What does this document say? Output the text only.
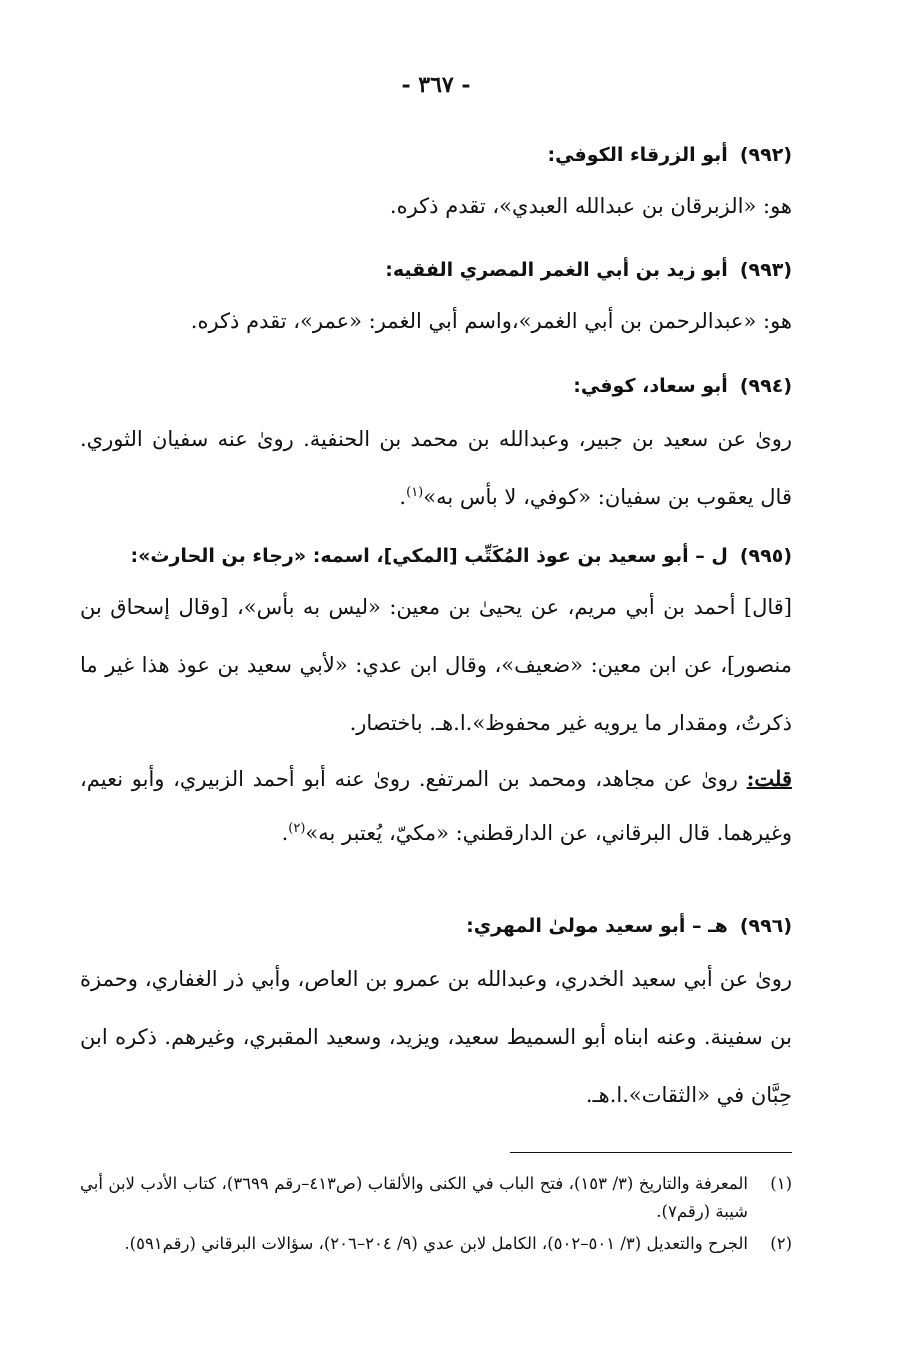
- ٣٦٧ -
(٩٩٢)أبو الزرقاء الكوفي:
هو: «الزبرقان بن عبدالله العبدي»، تقدم ذكره.
(٩٩٣)أبو زيد بن أبي الغمر المصري الفقيه:
هو: «عبدالرحمن بن أبي الغمر»،واسم أبي الغمر: «عمر»، تقدم ذكره.
(٩٩٤)أبو سعاد، كوفي:
روىٰ عن سعيد بن جبير، وعبدالله بن محمد بن الحنفية. روىٰ عنه سفيان الثوري. قال يعقوب بن سفيان: «كوفي، لا بأس به»$^{(١)}$.
(٩٩٥)ل – أبو سعيد بن عوذ المُكَتِّب [المكي]، اسمه: «رجاء بن الحارث»:
[قال] أحمد بن أبي مريم، عن يحيىٰ بن معين: «ليس به بأس»، [وقال إسحاق بن منصور]، عن ابن معين: «ضعيف»، وقال ابن عدي: «لأبي سعيد بن عوذ هذا غير ما ذكرتُ، ومقدار ما يرويه غير محفوظ».ا.هـ. باختصار.
قلت: روىٰ عن مجاهد، ومحمد بن المرتفع. روىٰ عنه أبو أحمد الزبيري، وأبو نعيم، وغيرهما. قال البرقاني، عن الدارقطني: «مكيّ، يُعتبر به»$^{(٢)}$.
(٩٩٦)هـ – أبو سعيد مولىٰ المهري:
روىٰ عن أبي سعيد الخدري، وعبدالله بن عمرو بن العاص، وأبي ذر الغفاري، وحمزة بن سفينة. وعنه ابناه أبو السميط سعيد، ويزيد، وسعيد المقبري، وغيرهم. ذكره ابن حِبَّان في «الثقات».ا.هـ.
(١)
المعرفة والتاريخ (٣/ ١٥٣)، فتح الباب في الكنى والألقاب (ص٤١٣–رقم ٣٦٩٩)، كتاب الأدب لابن أبي شيبة (رقم٧).
(٢)
الجرح والتعديل (٣/ ٥٠١–٥٠٢)، الكامل لابن عدي (٩/ ٢٠٤–٢٠٦)، سؤالات البرقاني (رقم٥٩١).
